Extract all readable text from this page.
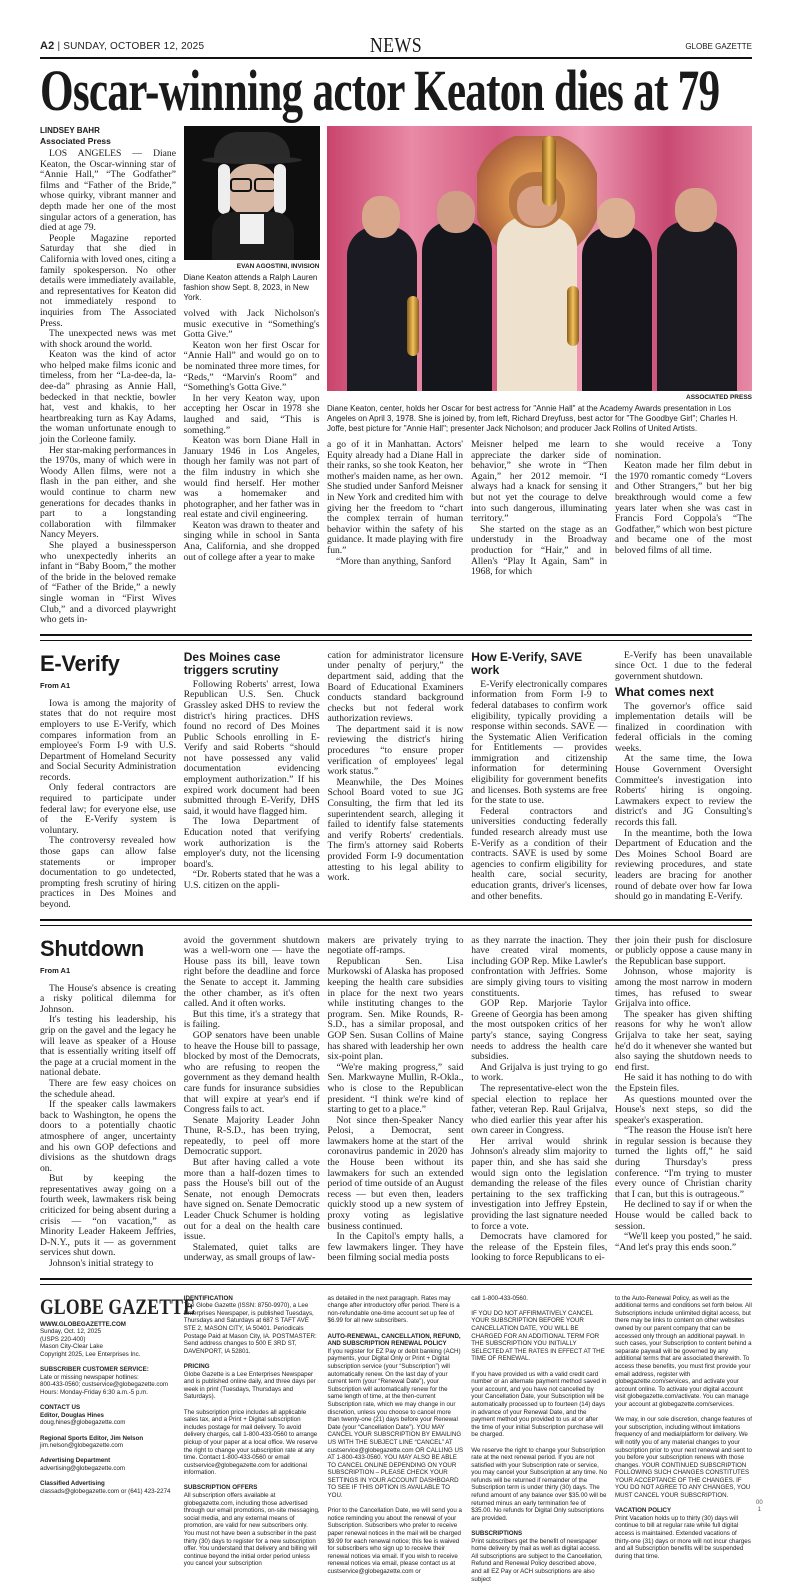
A2 | SUNDAY, OCTOBER 12, 2025	NEWS	GLOBE GAZETTE
Oscar-winning actor Keaton dies at 79
LINDSEY BAHR
Associated Press

LOS ANGELES — Diane Keaton, the Oscar-winning star of “Annie Hall,” “The Godfather” films and “Father of the Bride,” whose quirky, vibrant manner and depth made her one of the most singular actors of a generation, has died at age 79.

People Magazine reported Saturday that she died in California with loved ones, citing a family spokesperson. No other details were immediately available, and representatives for Keaton did not immediately respond to inquiries from The Associated Press.

The unexpected news was met with shock around the world.

Keaton was the kind of actor who helped make films iconic and timeless, from her “La-dee-da, la-dee-da” phrasing as Annie Hall, bedecked in that necktie, bowler hat, vest and khakis, to her heartbreaking turn as Kay Adams, the woman unfortunate enough to join the Corleone family.

Her star-making performances in the 1970s, many of which were in Woody Allen films, were not a flash in the pan either, and she would continue to charm new generations for decades thanks in part to a longstanding collaboration with filmmaker Nancy Meyers.

She played a businessperson who unexpectedly inherits an infant in “Baby Boom,” the mother of the bride in the beloved remake of “Father of the Bride,” a newly single woman in “First Wives Club,” and a divorced playwright who gets in-

EVAN AGOSTINI, INVISION
Diane Keaton attends a Ralph Lauren fashion show Sept. 8, 2023, in New York.

volved with Jack Nicholson's music executive in “Something's Gotta Give.”

Keaton won her first Oscar for “Annie Hall” and would go on to be nominated three more times, for “Reds,” “Marvin's Room” and “Something's Gotta Give.”

In her very Keaton way, upon accepting her Oscar in 1978 she laughed and said, “This is something.”

Keaton was born Diane Hall in January 1946 in Los Angeles, though her family was not part of the film industry in which she would find herself. Her mother was a homemaker and photographer, and her father was in real estate and civil engineering.

Keaton was drawn to theater and singing while in school in Santa Ana, California, and she dropped out of college after a year to make

ASSOCIATED PRESS
Diane Keaton, center, holds her Oscar for best actress for "Annie Hall" at the Academy Awards presentation in Los Angeles on April 3, 1978. She is joined by, from left, Richard Dreyfuss, best actor for "The Goodbye Girl"; Charles H. Joffe, best picture for "Annie Hall"; presenter Jack Nicholson; and producer Jack Rollins of United Artists.

a go of it in Manhattan. Actors' Equity already had a Diane Hall in their ranks, so she took Keaton, her mother's maiden name, as her own. She studied under Sanford Meisner in New York and credited him with giving her the freedom to “chart the complex terrain of human behavior within the safety of his guidance. It made playing with fire fun.”

“More than anything, Sanford

Meisner helped me learn to appreciate the darker side of behavior,” she wrote in “Then Again,” her 2012 memoir. “I always had a knack for sensing it but not yet the courage to delve into such dangerous, illuminating territory.”

She started on the stage as an understudy in the Broadway production for “Hair,” and in Allen's “Play It Again, Sam” in 1968, for which

she would receive a Tony nomination.

Keaton made her film debut in the 1970 romantic comedy “Lovers and Other Strangers,” but her big breakthrough would come a few years later when she was cast in Francis Ford Coppola's “The Godfather,” which won best picture and became one of the most beloved films of all time.

E-Verify
From A1

Iowa is among the majority of states that do not require most employers to use E-Verify, which compares information from an employee's Form I-9 with U.S. Department of Homeland Security and Social Security Administration records.

Only federal contractors are required to participate under federal law; for everyone else, use of the E-Verify system is voluntary.

The controversy revealed how those gaps can allow false statements or improper documentation to go undetected, prompting fresh scrutiny of hiring practices in Des Moines and beyond.

Des Moines case triggers scrutiny

Following Roberts' arrest, Iowa Republican U.S. Sen. Chuck Grassley asked DHS to review the district's hiring practices. DHS found no record of Des Moines Public Schools enrolling in E-Verify and said Roberts “should not have possessed any valid documentation evidencing employment authorization.” If his expired work document had been submitted through E-Verify, DHS said, it would have flagged him.

The Iowa Department of Education noted that verifying work authorization is the employer's duty, not the licensing board's.

“Dr. Roberts stated that he was a U.S. citizen on the appli-

cation for administrator licensure under penalty of perjury,” the department said, adding that the Board of Educational Examiners conducts standard background checks but not federal work authorization reviews.

The department said it is now reviewing the district's hiring procedures “to ensure proper verification of employees' legal work status.”

Meanwhile, the Des Moines School Board voted to sue JG Consulting, the firm that led its superintendent search, alleging it failed to identify false statements and verify Roberts' credentials. The firm's attorney said Roberts provided Form I-9 documentation attesting to his legal ability to work.

How E-Verify, SAVE work

E-Verify electronically compares information from Form I-9 to federal databases to confirm work eligibility, typically providing a response within seconds. SAVE — the Systematic Alien Verification for Entitlements — provides immigration and citizenship information for determining eligibility for government benefits and licenses. Both systems are free for the state to use.

Federal contractors and universities conducting federally funded research already must use E-Verify as a condition of their contracts. SAVE is used by some agencies to confirm eligibility for health care, social security, education grants, driver's licenses, and other benefits.

E-Verify has been unavailable since Oct. 1 due to the federal government shutdown.

What comes next

The governor's office said implementation details will be finalized in coordination with federal officials in the coming weeks.

At the same time, the Iowa House Government Oversight Committee's investigation into Roberts' hiring is ongoing. Lawmakers expect to review the district's and JG Consulting's records this fall.

In the meantime, both the Iowa Department of Education and the Des Moines School Board are reviewing procedures, and state leaders are bracing for another round of debate over how far Iowa should go in mandating E-Verify.

Shutdown
From A1

The House's absence is creating a risky political dilemma for Johnson.

It's testing his leadership, his grip on the gavel and the legacy he will leave as speaker of a House that is essentially writing itself off the page at a crucial moment in the national debate.

There are few easy choices on the schedule ahead.

If the speaker calls lawmakers back to Washington, he opens the doors to a potentially chaotic atmosphere of anger, uncertainty and his own GOP defections and divisions as the shutdown drags on.

But by keeping the representatives away going on a fourth week, lawmakers risk being criticized for being absent during a crisis — “on vacation,” as Minority Leader Hakeem Jeffries, D-N.Y., puts it — as government services shut down.

Johnson's initial strategy to

avoid the government shutdown was a well-worn one — have the House pass its bill, leave town right before the deadline and force the Senate to accept it. Jamming the other chamber, as it's often called. And it often works.

But this time, it's a strategy that is failing.

GOP senators have been unable to heave the House bill to passage, blocked by most of the Democrats, who are refusing to reopen the government as they demand health care funds for insurance subsidies that will expire at year's end if Congress fails to act.

Senate Majority Leader John Thune, R-S.D., has been trying, repeatedly, to peel off more Democratic support.

But after having called a vote more than a half-dozen times to pass the House's bill out of the Senate, not enough Democrats have signed on. Senate Democratic Leader Chuck Schumer is holding out for a deal on the health care issue.

Stalemated, quiet talks are underway, as small groups of law-

makers are privately trying to negotiate off-ramps.

Republican Sen. Lisa Murkowski of Alaska has proposed keeping the health care subsidies in place for the next two years while instituting changes to the program. Sen. Mike Rounds, R-S.D., has a similar proposal, and GOP Sen. Susan Collins of Maine has shared with leadership her own six-point plan.

“We're making progress,” said Sen. Markwayne Mullin, R-Okla., who is close to the Republican president. “I think we're kind of starting to get to a place.”

Not since then-Speaker Nancy Pelosi, a Democrat, sent lawmakers home at the start of the coronavirus pandemic in 2020 has the House been without its lawmakers for such an extended period of time outside of an August recess — but even then, leaders quickly stood up a new system of proxy voting as legislative business continued.

In the Capitol's empty halls, a few lawmakers linger. They have been filming social media posts

as they narrate the inaction. They have created viral moments, including GOP Rep. Mike Lawler's confrontation with Jeffries. Some are simply giving tours to visiting constituents.

GOP Rep. Marjorie Taylor Greene of Georgia has been among the most outspoken critics of her party's stance, saying Congress needs to address the health care subsidies.

And Grijalva is just trying to go to work.

The representative-elect won the special election to replace her father, veteran Rep. Raul Grijalva, who died earlier this year after his own career in Congress.

Her arrival would shrink Johnson's already slim majority to paper thin, and she has said she would sign onto the legislation demanding the release of the files pertaining to the sex trafficking investigation into Jeffrey Epstein, providing the last signature needed to force a vote.

Democrats have clamored for the release of the Epstein files, looking to force Republicans to ei-

ther join their push for disclosure or publicly oppose a cause many in the Republican base support.

Johnson, whose majority is among the most narrow in modern times, has refused to swear Grijalva into office.

The speaker has given shifting reasons for why he won't allow Grijalva to take her seat, saying he'd do it whenever she wanted but also saying the shutdown needs to end first.

He said it has nothing to do with the Epstein files.

As questions mounted over the House's next steps, so did the speaker's exasperation.

“The reason the House isn't here in regular session is because they turned the lights off,” he said during Thursday's press conference. “I'm trying to muster every ounce of Christian charity that I can, but this is outrageous.”

He declined to say if or when the House would be called back to session.

“We'll keep you posted,” he said. “And let's pray this ends soon.”

GLOBE GAZETTE
WWW.GLOBEGAZETTE.COM
Sunday, Oct. 12, 2025
(USPS 220-400)
Mason City-Clear Lake
Copyright 2025, Lee Enterprises Inc.
SUBSCRIBER CUSTOMER SERVICE:
Late or missing newspaper hotlines:
800-433-0560; custservice@globegazette.com
Hours: Monday-Friday 6:30 a.m.-5 p.m.
CONTACT US
Editor, Douglas Hines
doug.hines@globegazette.com
Regional Sports Editor, Jim Nelson
jim.nelson@globegazette.com
Advertising Department
advertising@globegazette.com
Classified Advertising
classads@globegazette.com or (641) 423-2274
IDENTIFICATION
The Globe Gazette (ISSN: 8750-9970), a Lee Enterprises Newspaper, is published Tuesdays, Thursdays and Saturdays at 687 S TAFT AVE STE 2, MASON CITY, IA 50401. Periodicals Postage Paid at Mason City, IA. POSTMASTER: Send address changes to 500 E 3RD ST, DAVENPORT, IA 52801.
PRICING
Globe Gazette is a Lee Enterprises Newspaper and is published online daily, and three days per week in print (Tuesdays, Thursdays and Saturdays).
The subscription price includes all applicable sales tax, and a Print + Digital subscription includes postage for mail delivery. To avoid delivery charges, call 1-800-433-0560 to arrange pickup of your paper at a local office. We reserve the right to change your subscription rate at any time. Contact 1-800-433-0560 or email custservice@globegazette.com for additional information.
SUBSCRIPTION OFFERS
All subscription offers available at globegazette.com, including those advertised through our email promotions, on-site messaging, social media, and any external means of promotion, are valid for new subscribers only. You must not have been a subscriber in the past thirty (30) days to register for a new subscription offer. You understand that delivery and billing will continue beyond the initial order period unless you cancel your subscription
as detailed in the next paragraph. Rates may change after introductory offer period. There is a non-refundable one-time account set up fee of $6.99 for all new subscribers.
AUTO-RENEWAL, CANCELLATION, REFUND, AND SUBSCRIPTION RENEWAL POLICY
If you register for EZ Pay or debit banking (ACH) payments, your Digital Only or Print + Digital subscription service (your “Subscription”) will automatically renew. On the last day of your current term (your “Renewal Date”), your Subscription will automatically renew for the same length of time, at the then-current Subscription rate, which we may change in our discretion, unless you choose to cancel more than twenty-one (21) days before your Renewal Date (your “Cancellation Date”). YOU MAY CANCEL YOUR SUBSCRIPTION BY EMAILING US WITH THE SUBJECT LINE “CANCEL” AT custservice@globegazette.com OR CALLING US AT 1-800-433-0560. YOU MAY ALSO BE ABLE TO CANCEL ONLINE DEPENDING ON YOUR SUBSCRIPTION – PLEASE CHECK YOUR SETTINGS IN YOUR ACCOUNT DASHBOARD TO SEE IF THIS OPTION IS AVAILABLE TO YOU.
Prior to the Cancellation Date, we will send you a notice reminding you about the renewal of your Subscription. Subscribers who prefer to receive paper renewal notices in the mail will be charged $9.99 for each renewal notice; this fee is waived for subscribers who sign up to receive their renewal notices via email. If you wish to receive renewal notices via email, please contact us at custservice@globegazette.com or
call 1-800-433-0560.
IF YOU DO NOT AFFIRMATIVELY CANCEL YOUR SUBSCRIPTION BEFORE YOUR CANCELLATION DATE, YOU WILL BE CHARGED FOR AN ADDITIONAL TERM FOR THE SUBSCRIPTION YOU INITIALLY SELECTED AT THE RATES IN EFFECT AT THE TIME OF RENEWAL.
If you have provided us with a valid credit card number or an alternate payment method saved in your account, and you have not cancelled by your Cancellation Date, your Subscription will be automatically processed up to fourteen (14) days in advance of your Renewal Date, and the payment method you provided to us at or after the time of your initial Subscription purchase will be charged.
We reserve the right to change your Subscription rate at the next renewal period. If you are not satisfied with your Subscription rate or service, you may cancel your Subscription at any time. No refunds will be returned if remainder of the Subscription term is under thirty (30) days. The refund amount of any balance over $35.00 will be returned minus an early termination fee of $35.00. No refunds for Digital Only subscriptions are provided.
SUBSCRIPTIONS
Print subscribers get the benefit of newspaper home delivery by mail as well as digital access. All subscriptions are subject to the Cancellation, Refund and Renewal Policy described above, and all EZ Pay or ACH subscriptions are also subject
to the Auto-Renewal Policy, as well as the additional terms and conditions set forth below. All Subscriptions include unlimited digital access, but there may be links to content on other websites owned by our parent company that can be accessed only through an additional paywall. In such cases, your Subscription to content behind a separate paywall will be governed by any additional terms that are associated therewith. To access these benefits, you must first provide your email address, register with globegazette.com/services, and activate your account online. To activate your digital account visit globegazette.com/activate. You can manage your account at globegazette.com/services.
We may, in our sole discretion, change features of your subscription, including without limitations frequency of and media/platform for delivery. We will notify you of any material changes to your subscription prior to your next renewal and sent to you before your subscription renews with those changes. YOUR CONTINUED SUBSCRIPTION FOLLOWING SUCH CHANGES CONSTITUTES YOUR ACCEPTANCE OF THE CHANGES. IF YOU DO NOT AGREE TO ANY CHANGES, YOU MUST CANCEL YOUR SUBSCRIPTION.
VACATION POLICY
Print Vacation holds up to thirty (30) days will continue to bill at regular rate while full digital access is maintained. Extended vacations of thirty-one (31) days or more will not incur charges and all Subscription benefits will be suspended during that time.
00
1
